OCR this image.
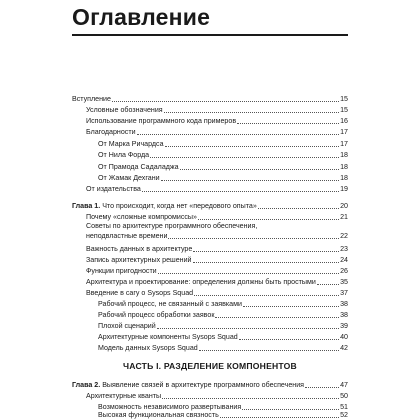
Оглавление
Вступление	15
Условные обозначения	15
Использование программного кода примеров	16
Благодарности	17
От Марка Ричардса	17
От Нила Форда	18
От Прамода Садаладжа	18
От Жамак Дехгани	18
От издательства	19
Глава 1. Что происходит, когда нет «передового опыта»	20
Почему «сложные компромиссы»	21
Советы по архитектуре программного обеспечения,
неподвластные времени	22
Важность данных в архитектуре	23
Запись архитектурных решений	24
Функции пригодности	26
Архитектура и проектирование: определения должны быть простыми	35
Введение в сагу о Sysops Squad	37
Рабочий процесс, не связанный с заявками	38
Рабочий процесс обработки заявок	38
Плохой сценарий	39
Архитектурные компоненты Sysops Squad	40
Модель данных Sysops Squad	42
ЧАСТЬ I. РАЗДЕЛЕНИЕ КОМПОНЕНТОВ
Глава 2. Выявление связей в архитектуре программного обеспечения	47
Архитектурные кванты	50
Возможность независимого развертывания	51
Высокая функциональная связность	52
